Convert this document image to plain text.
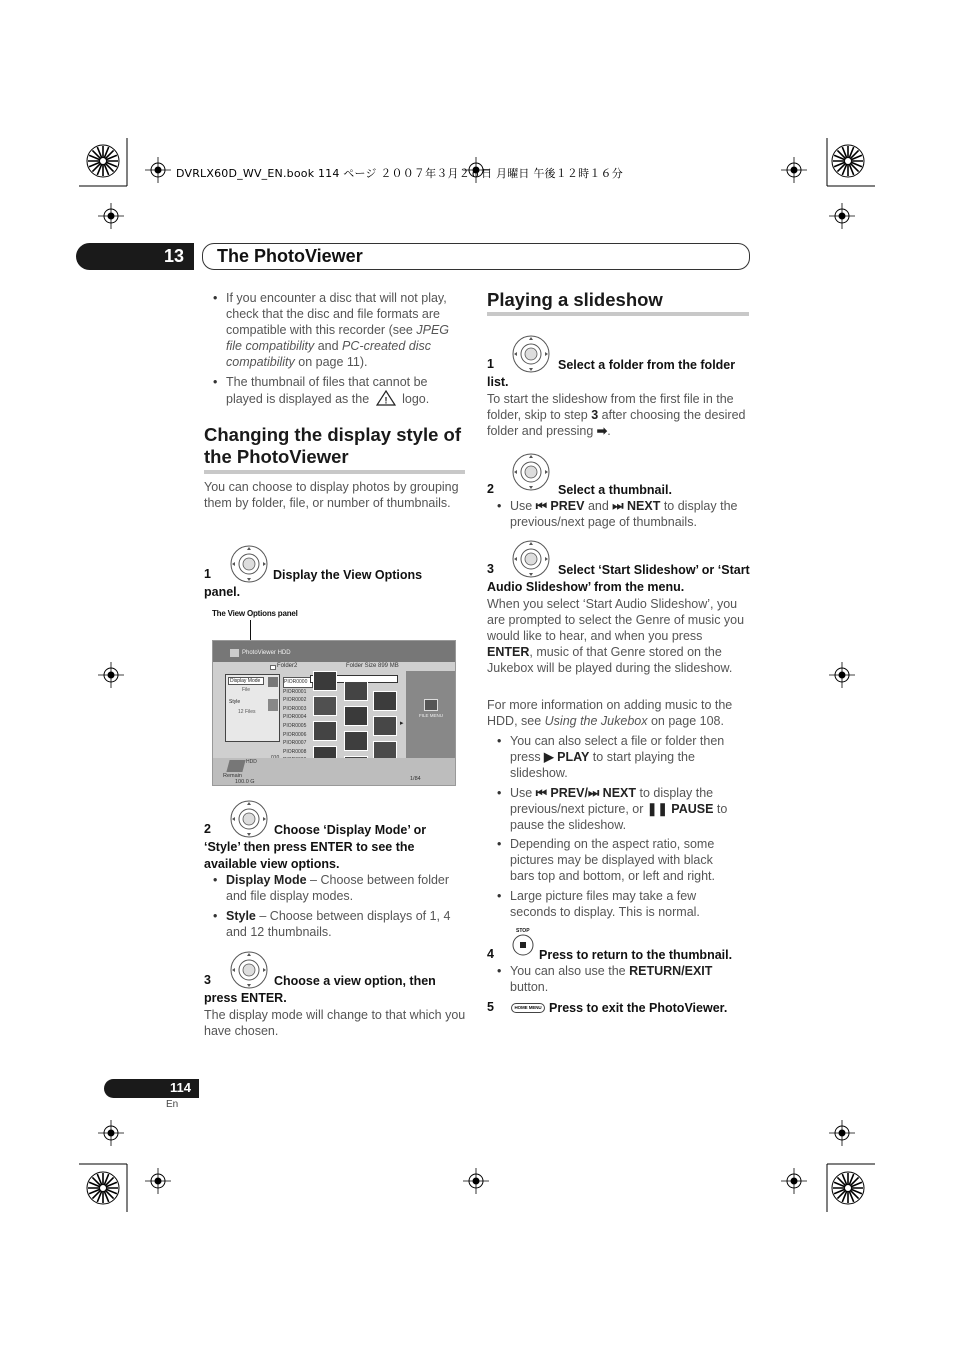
DVRLX60D_WV_EN.book 114 ページ ２００７年３月２６日 月曜日 午後１２時１６分
13 The PhotoViewer
• If you encounter a disc that will not play, check that the disc and file formats are compatible with this recorder (see JPEG file compatibility and PC-created disc compatibility on page 11).
• The thumbnail of files that cannot be played is displayed as the ! logo.
Changing the display style of the PhotoViewer
You can choose to display photos by grouping them by folder, file, or number of thumbnails.
1	Display the View Options panel.
The View Options panel
PhotoViewer HDD
Folder2	Folder Size 899 MB
Display Mode
File
Style
12 Files
PIOR0000
PIOR0001
PIOR0002
PIOR0003
PIOR0004
PIOR0005
PIOR0006
PIOR0007
PIOR0008
▸
FILE MENU
HDD
Remain
100.0 G	1/84
2	Choose ‘Display Mode’ or ‘Style’ then press ENTER to see the available view options.
• Display Mode – Choose between folder and file display modes.
• Style – Choose between displays of 1, 4 and 12 thumbnails.
3	Choose a view option, then press ENTER.
The display mode will change to that which you have chosen.
Playing a slideshow
1	Select a folder from the folder list.
To start the slideshow from the first file in the folder, skip to step 3 after choosing the desired folder and pressing ➡.
2	Select a thumbnail.
• Use ⏮ PREV and ⏭ NEXT to display the previous/next page of thumbnails.
3	Select ‘Start Slideshow’ or ‘Start Audio Slideshow’ from the menu.
When you select ‘Start Audio Slideshow’, you are prompted to select the Genre of music you would like to hear, and when you press ENTER, music of that Genre stored on the Jukebox will be played during the slideshow.
For more information on adding music to the HDD, see Using the Jukebox on page 108.
• You can also select a file or folder then press ▶ PLAY to start playing the slideshow.
• Use ⏮ PREV/⏭ NEXT to display the previous/next picture, or ❚❚ PAUSE to pause the slideshow.
• Depending on the aspect ratio, some pictures may be displayed with black bars top and bottom, or left and right.
• Large picture files may take a few seconds to display. This is normal.
STOP
4	Press to return to the thumbnail.
• You can also use the RETURN/EXIT button.
5	HOME MENU Press to exit the PhotoViewer.
114
En
